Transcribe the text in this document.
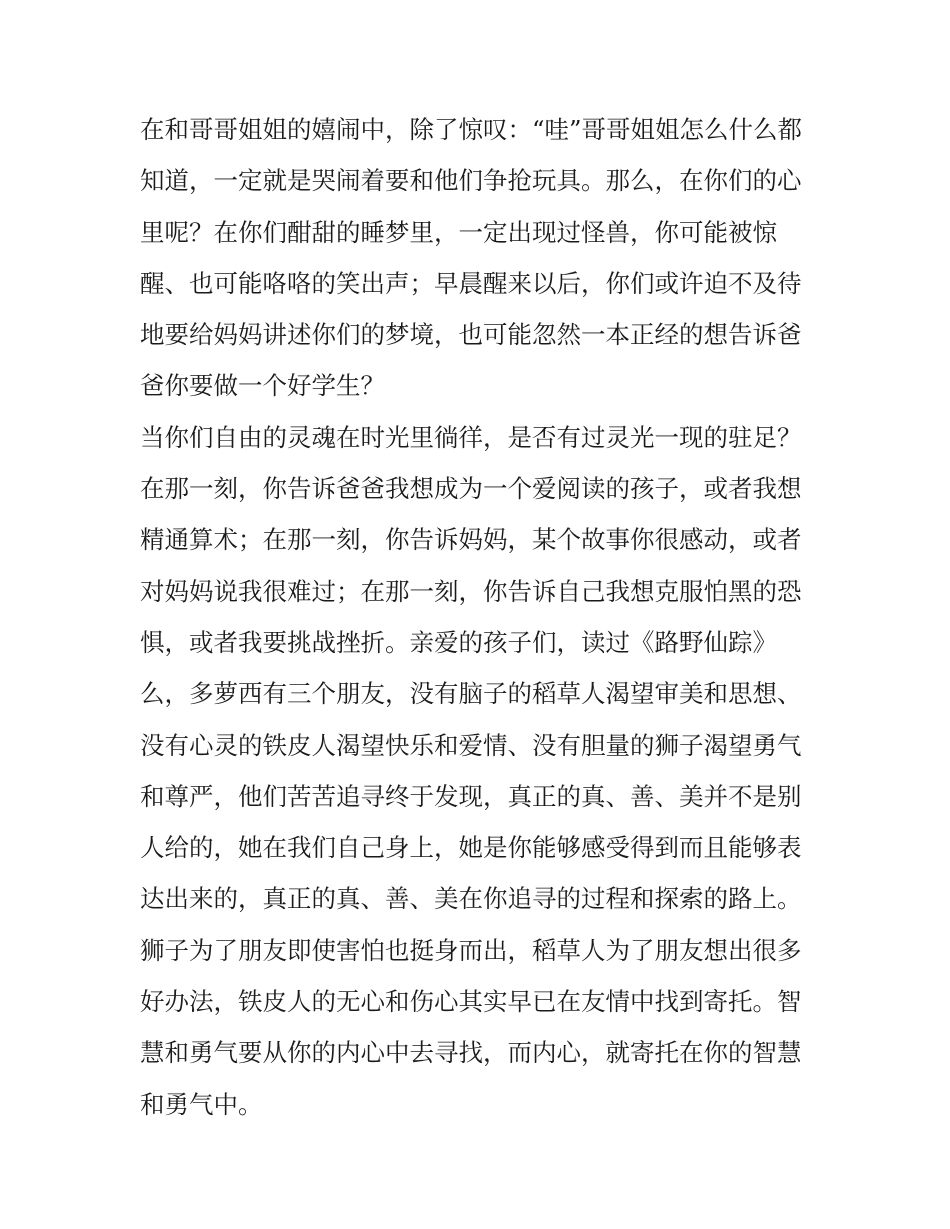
在和哥哥姐姐的嬉闹中，除了惊叹：“哇”哥哥姐姐怎么什么都
知道，一定就是哭闹着要和他们争抢玩具。那么，在你们的心
里呢？在你们酣甜的睡梦里，一定出现过怪兽，你可能被惊
醒、也可能咯咯的笑出声；早晨醒来以后，你们或许迫不及待
地要给妈妈讲述你们的梦境，也可能忽然一本正经的想告诉爸
爸你要做一个好学生？
当你们自由的灵魂在时光里徜徉，是否有过灵光一现的驻足？
在那一刻，你告诉爸爸我想成为一个爱阅读的孩子，或者我想
精通算术；在那一刻，你告诉妈妈，某个故事你很感动，或者
对妈妈说我很难过；在那一刻，你告诉自己我想克服怕黑的恐
惧，或者我要挑战挫折。亲爱的孩子们，读过《路野仙踪》
么，多萝西有三个朋友，没有脑子的稻草人渴望审美和思想、
没有心灵的铁皮人渴望快乐和爱情、没有胆量的狮子渴望勇气
和尊严，他们苦苦追寻终于发现，真正的真、善、美并不是别
人给的，她在我们自己身上，她是你能够感受得到而且能够表
达出来的，真正的真、善、美在你追寻的过程和探索的路上。
狮子为了朋友即使害怕也挺身而出，稻草人为了朋友想出很多
好办法，铁皮人的无心和伤心其实早已在友情中找到寄托。智
慧和勇气要从你的内心中去寻找，而内心，就寄托在你的智慧
和勇气中。
